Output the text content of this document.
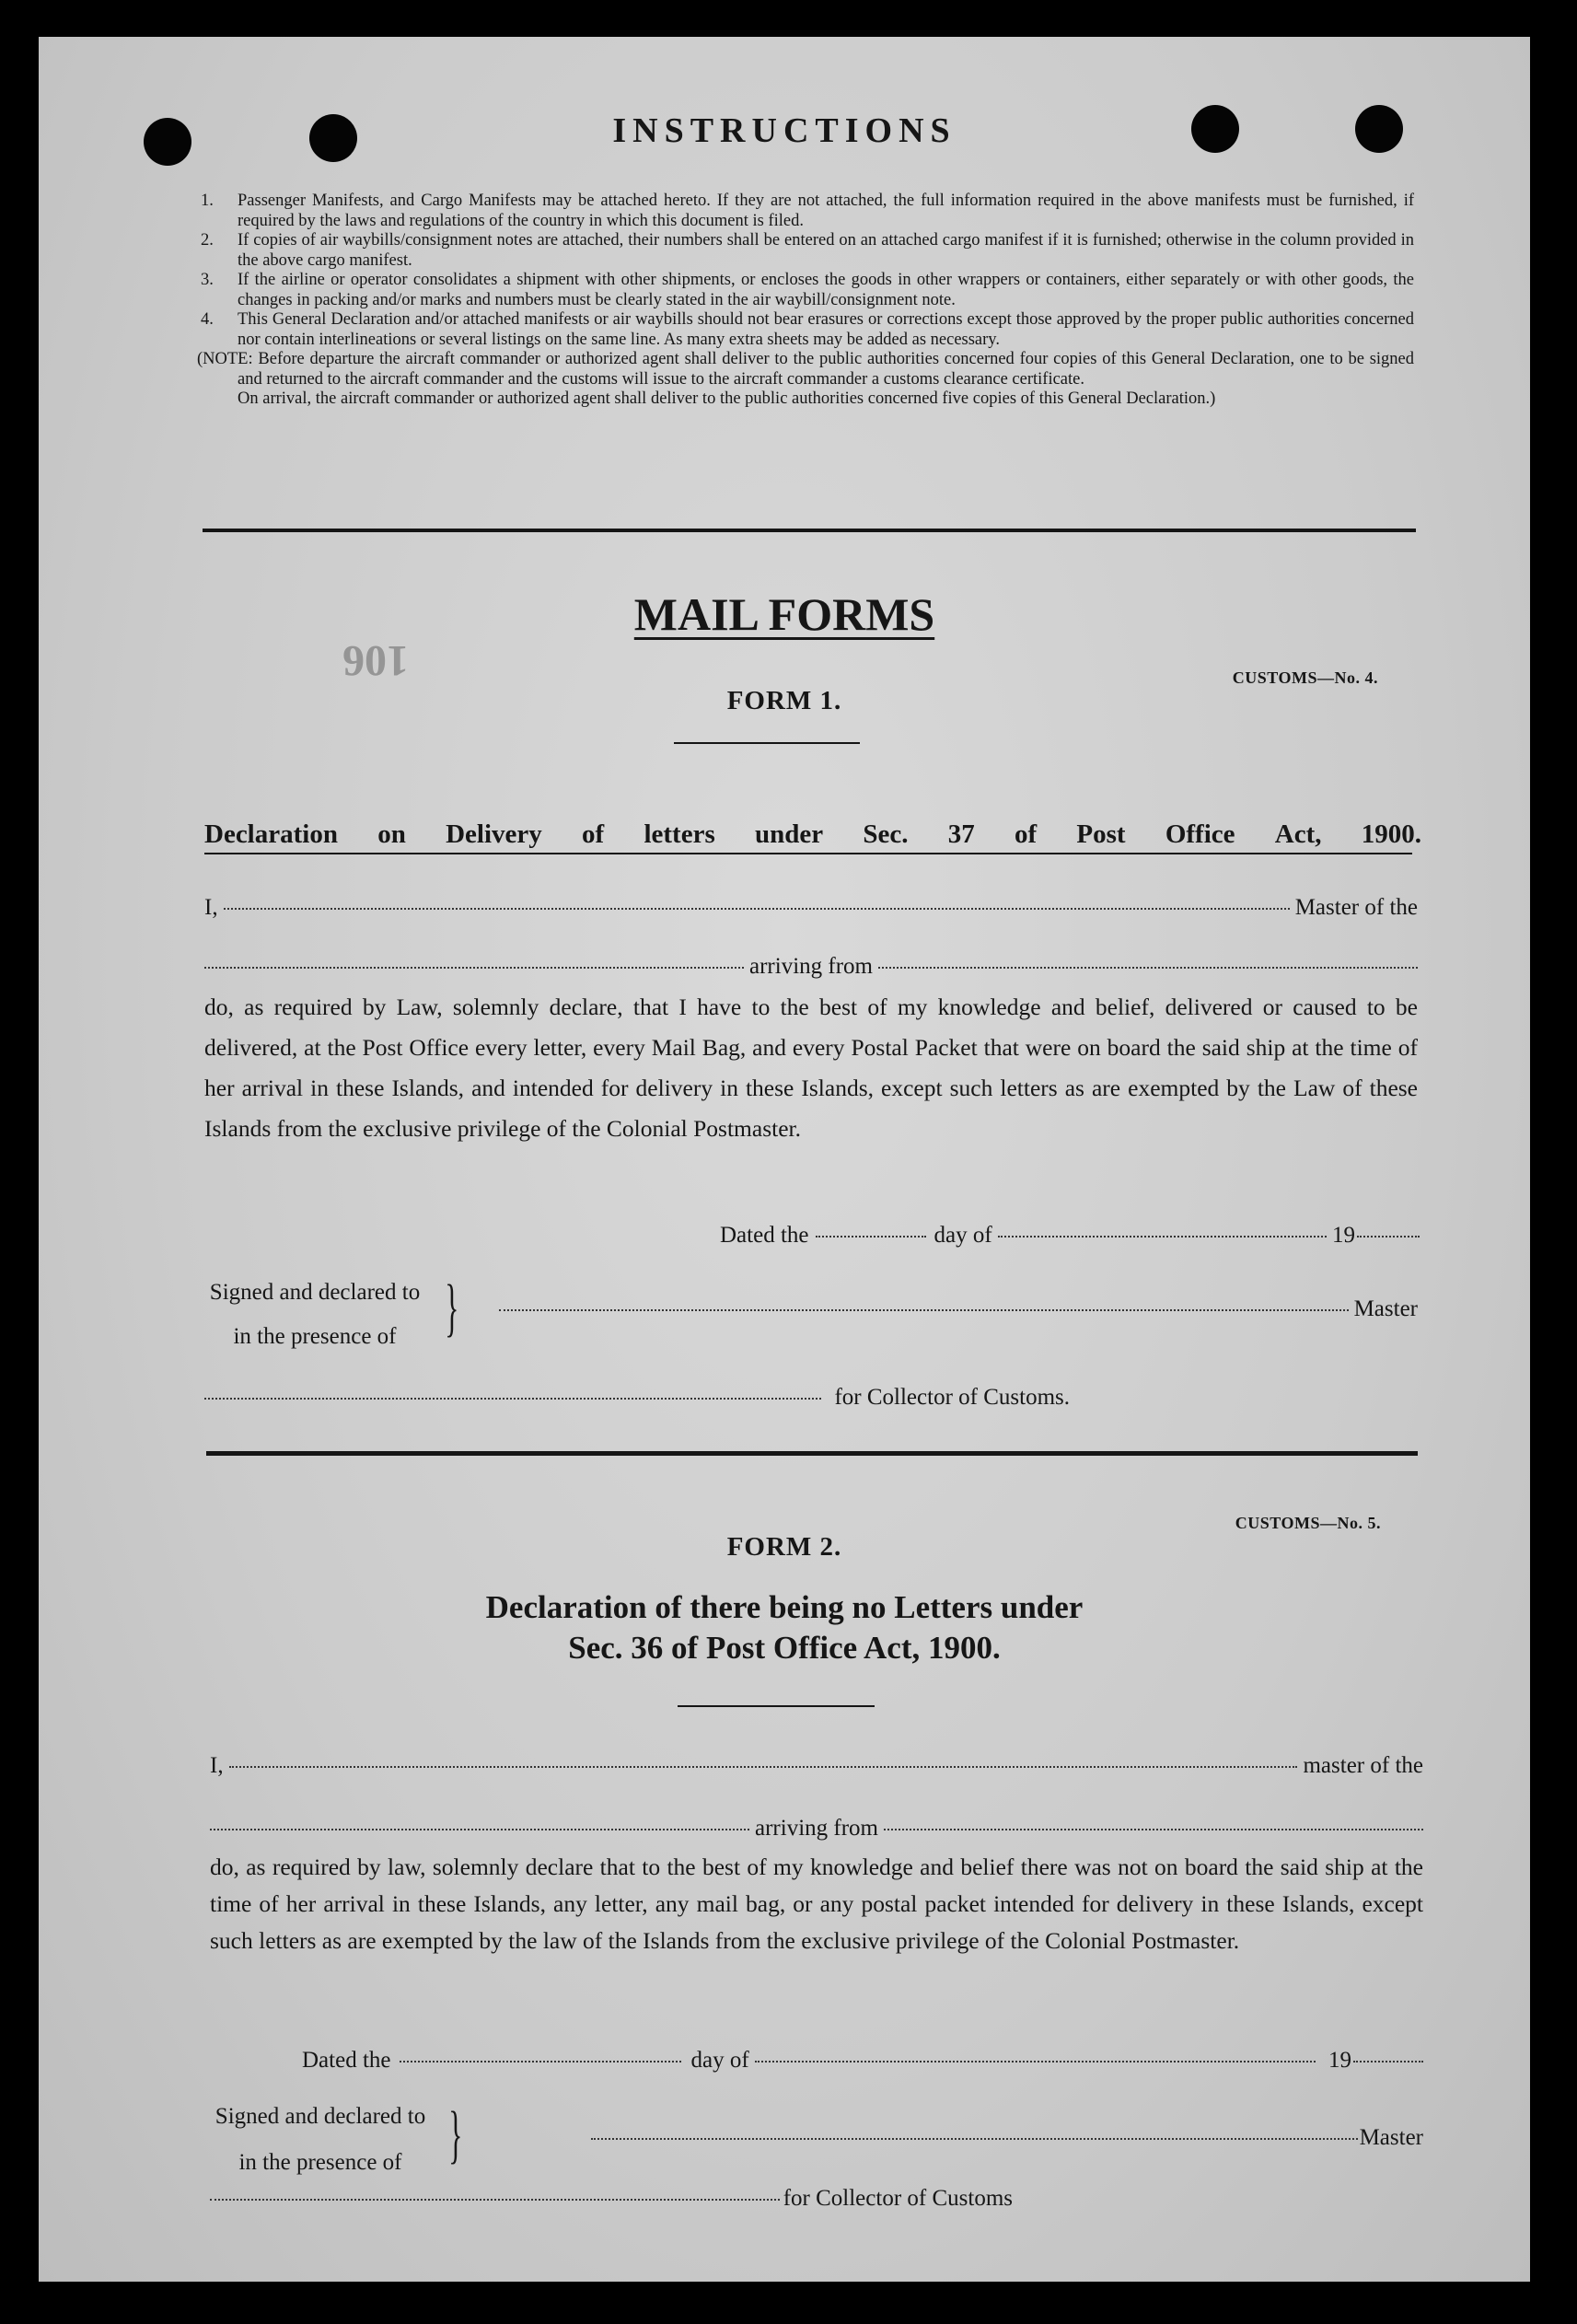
106
INSTRUCTIONS
1. Passenger Manifests, and Cargo Manifests may be attached hereto. If they are not attached, the full information required in the above manifests must be furnished, if required by the laws and regulations of the country in which this document is filed.
2. If copies of air waybills/consignment notes are attached, their numbers shall be entered on an attached cargo manifest if it is furnished; otherwise in the column provided in the above cargo manifest.
3. If the airline or operator consolidates a shipment with other shipments, or encloses the goods in other wrappers or containers, either separately or with other goods, the changes in packing and/or marks and numbers must be clearly stated in the air waybill/consignment note.
4. This General Declaration and/or attached manifests or air waybills should not bear erasures or corrections except those approved by the proper public authorities concerned nor contain interlineations or several listings on the same line. As many extra sheets may be added as necessary.
(NOTE: Before departure the aircraft commander or authorized agent shall deliver to the public authorities concerned four copies of this General Declaration, one to be signed and returned to the aircraft commander and the customs will issue to the aircraft commander a customs clearance certificate.
On arrival, the aircraft commander or authorized agent shall deliver to the public authorities concerned five copies of this General Declaration.)
MAIL FORMS
CUSTOMS—No. 4.
FORM 1.
Declaration on Delivery of letters under Sec. 37 of Post Office Act, 1900.
I,	Master of the
arriving from
do, as required by Law, solemnly declare, that I have to the best of my knowledge and belief, delivered or caused to be delivered, at the Post Office every letter, every Mail Bag, and every Postal Packet that were on board the said ship at the time of her arrival in these Islands, and intended for delivery in these Islands, except such letters as are exempted by the Law of these Islands from the exclusive privilege of the Colonial Postmaster.
Dated the	day of	19
Signed and declared to
in the presence of }	Master
for Collector of Customs.
CUSTOMS—No. 5.
FORM 2.
Declaration of there being no Letters under
Sec. 36 of Post Office Act, 1900.
I,	master of the
arriving from
do, as required by law, solemnly declare that to the best of my knowledge and belief there was not on board the said ship at the time of her arrival in these Islands, any letter, any mail bag, or any postal packet intended for delivery in these Islands, except such letters as are exempted by the law of the Islands from the exclusive privilege of the Colonial Postmaster.
Dated the	day of	19
Signed and declared to
in the presence of }	Master
for Collector of Customs
